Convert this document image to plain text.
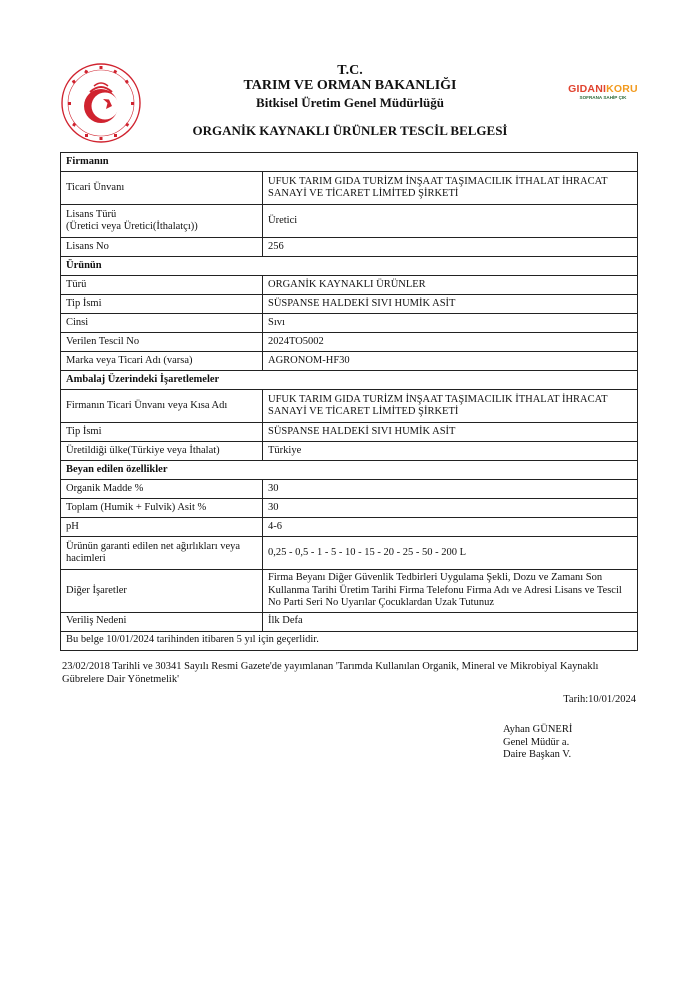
T.C.
TARIM VE ORMAN BAKANLIĞI
Bitkisel Üretim Genel Müdürlüğü
GIDANIKORU
SOFRANA SAHİP ÇIK
ORGANİK KAYNAKLI ÜRÜNLER TESCİL BELGESİ
Firmanın	
Ticari Ünvanı	UFUK TARIM GIDA TURİZM İNŞAAT TAŞIMACILIK İTHALAT İHRACAT SANAYİ VE TİCARET LİMİTED ŞİRKETİ

Lisans Türü
(Üretici veya Üretici(İthalatçı))	Üretici
Lisans No	256
Ürünün	
Türü	ORGANİK KAYNAKLI ÜRÜNLER
Tip İsmi	SÜSPANSE HALDEKİ SIVI HUMİK ASİT
Cinsi	Sıvı
Verilen Tescil No	2024TO5002
Marka veya Ticari Adı (varsa)	AGRONOM-HF30
Ambalaj Üzerindeki İşaretlemeler	
Firmanın Ticari Ünvanı veya Kısa Adı	UFUK TARIM GIDA TURİZM İNŞAAT TAŞIMACILIK İTHALAT İHRACAT SANAYİ VE TİCARET LİMİTED ŞİRKETİ
Tip İsmi	SÜSPANSE HALDEKİ SIVI HUMİK ASİT
Üretildiği ülke(Türkiye veya İthalat)	Türkiye
Beyan edilen özellikler	
Organik Madde %	30
Toplam (Humik + Fulvik) Asit %	30
pH	4-6
Ürünün garanti edilen net ağırlıkları veya hacimleri	0,25 - 0,5 - 1 - 5 - 10 - 15 - 20 - 25 - 50 - 200 L
Diğer İşaretler	Firma Beyanı Diğer Güvenlik Tedbirleri Uygulama Şekli, Dozu ve Zamanı Son Kullanma Tarihi Üretim Tarihi Firma Telefonu Firma Adı ve Adresi Lisans ve Tescil No Parti Seri No Uyarılar Çocuklardan Uzak Tutunuz
Veriliş Nedeni	İlk Defa
Bu belge 10/01/2024 tarihinden itibaren 5 yıl için geçerlidir.	
23/02/2018 Tarihli ve 30341 Sayılı Resmi Gazete'de yayımlanan 'Tarımda Kullanılan Organik, Mineral ve Mikrobiyal Kaynaklı Gübrelere Dair Yönetmelik'
Tarih:10/01/2024
Ayhan GÜNERİ
Genel Müdür a.
Daire Başkan V.
